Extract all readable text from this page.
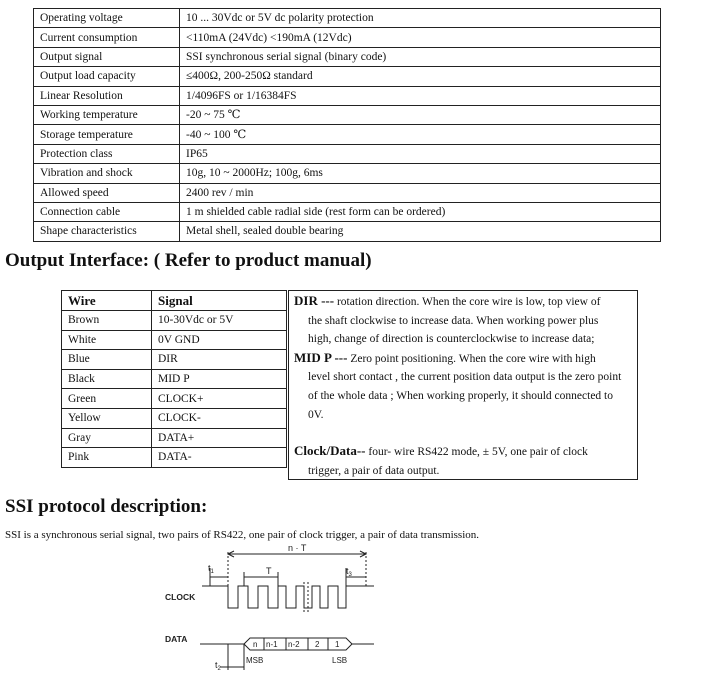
Operating voltage	10 ... 30Vdc or 5V dc polarity protection
Current consumption	<110mA (24Vdc) <190mA (12Vdc)
Output signal	SSI synchronous serial signal (binary code)
Output load capacity	≤400Ω, 200-250Ω standard
Linear Resolution	1/4096FS or 1/16384FS
Working temperature	-20 ~ 75 ℃
Storage temperature	-40 ~ 100 ℃
Protection class	IP65
Vibration and shock	10g, 10 ~ 2000Hz; 100g, 6ms
Allowed speed	2400 rev / min
Connection cable	1 m shielded cable radial side (rest form can be ordered)
Shape characteristics	Metal shell, sealed double bearing
Output Interface: ( Refer to product manual)
Wire	Signal
Brown	10-30Vdc or 5V
White	0V GND
Blue	DIR
Black	MID P
Green	CLOCK+
Yellow	CLOCK-
Gray	DATA+
Pink	DATA-

DIR --- rotation direction. When the core wire is low, top view of

the shaft clockwise to increase data. When working power plus

high, change of direction is counterclockwise to increase data;

MID P --- Zero point positioning. When the core wire with high

level short contact , the current position data output is the zero point

of the whole data ; When working properly, it should connected to

0V.

Clock/Data-- four- wire RS422 mode, ± 5V, one pair of clock

trigger, a pair of data output.

SSI protocol description:
SSI is a synchronous serial signal, two pairs of RS422, one pair of clock trigger, a pair of data transmission.
n · T
$t_1$	T	$t_3$
CLOCK
DATA
n n-1 n-2 2 1
MSB	LSB
$t_2$
